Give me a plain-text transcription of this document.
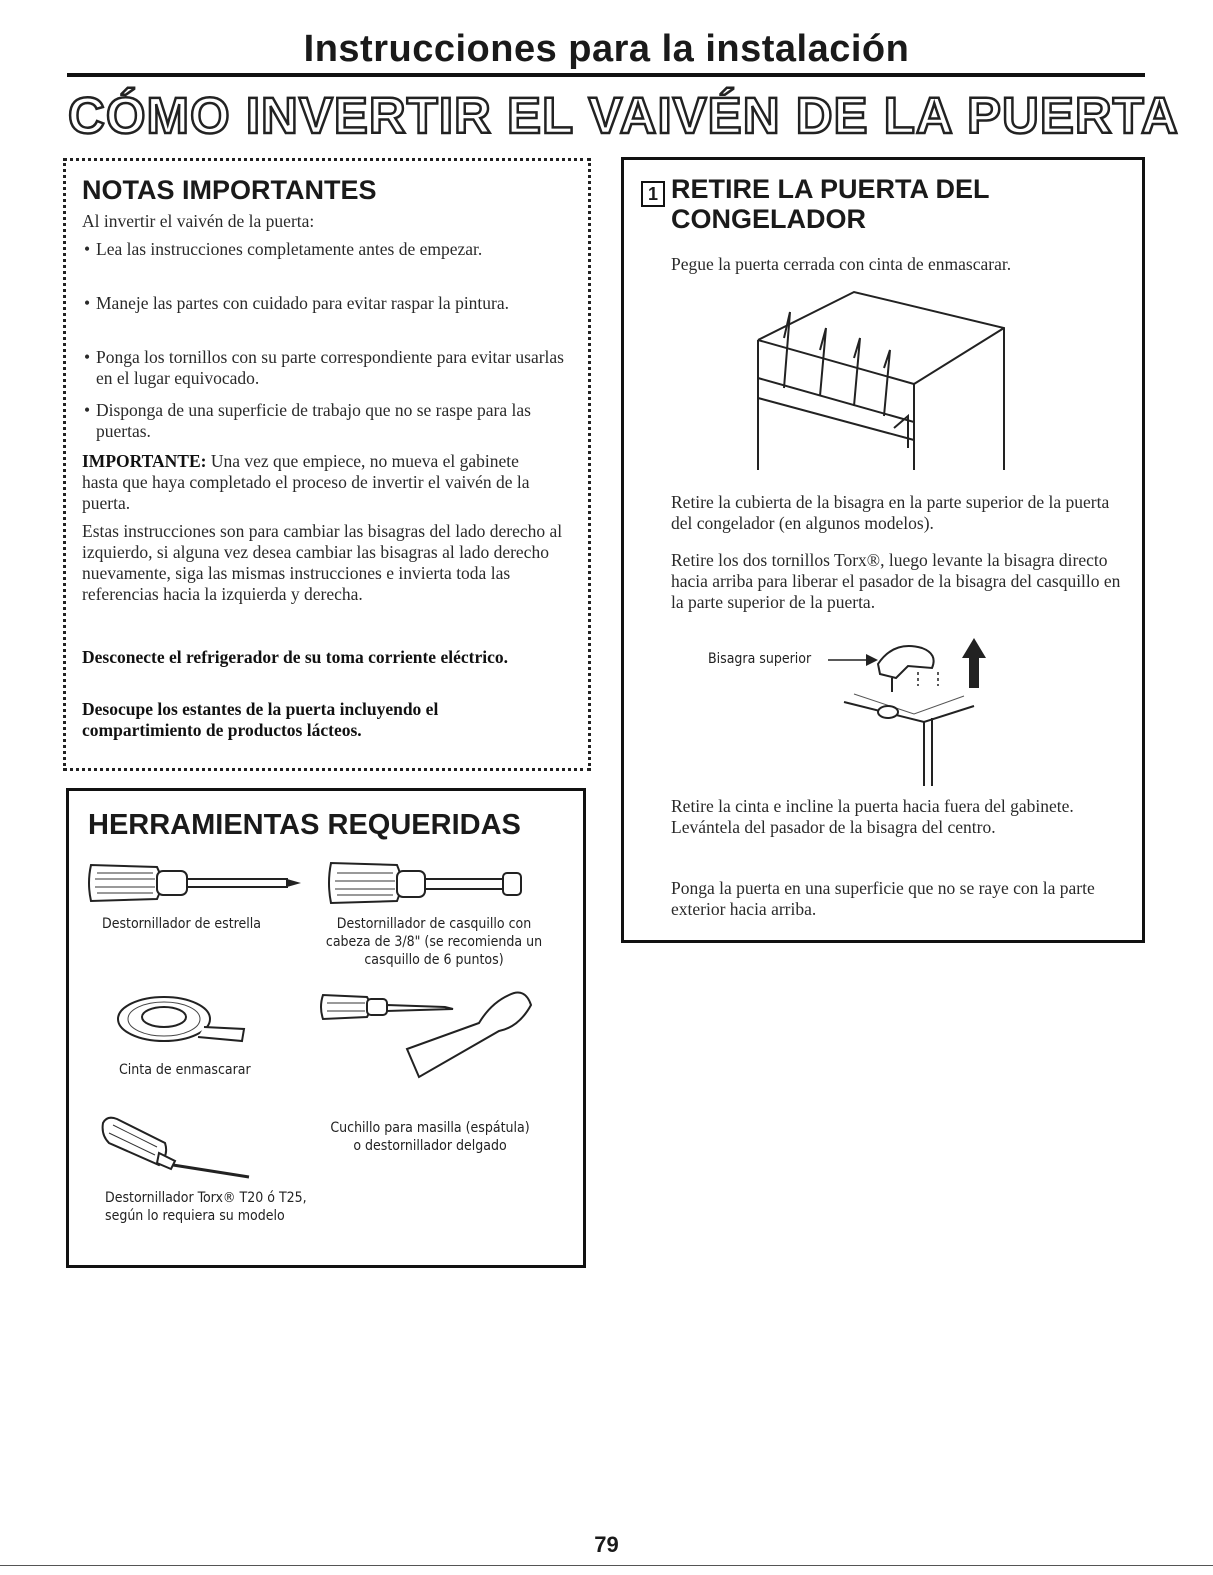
Instrucciones para la instalación
CÓMO INVERTIR EL VAIVÉN DE LA PUERTA
NOTAS IMPORTANTES
Al invertir el vaivén de la puerta:
• Lea las instrucciones completamente antes de empezar.
• Maneje las partes con cuidado para evitar raspar la pintura.
• Ponga los tornillos con su parte correspondiente para evitar usarlas en el lugar equivocado.
• Disponga de una superficie de trabajo que no se raspe para las puertas.
IMPORTANTE: Una vez que empiece, no mueva el gabinete hasta que haya completado el proceso de invertir el vaivén de la puerta.
Estas instrucciones son para cambiar las bisagras del lado derecho al izquierdo, si alguna vez desea cambiar las bisagras al lado derecho nuevamente, siga las mismas instrucciones e invierta toda las referencias hacia la izquierda y derecha.
Desconecte el refrigerador de su toma corriente eléctrico.
Desocupe los estantes de la puerta incluyendo el compartimiento de productos lácteos.
HERRAMIENTAS REQUERIDAS
Destornillador de estrella	Destornillador de casquillo con cabeza de 3/8" (se recomienda un casquillo de 6 puntos)
Cinta de enmascarar
Cuchillo para masilla (espátula) o destornillador delgado
Destornillador Torx® T20 ó T25, según lo requiera su modelo
1 RETIRE LA PUERTA DEL CONGELADOR
Pegue la puerta cerrada con cinta de enmascarar.
Retire la cubierta de la bisagra en la parte superior de la puerta del congelador (en algunos modelos).
Retire los dos tornillos Torx®, luego levante la bisagra directo hacia arriba para liberar el pasador de la bisagra del casquillo en la parte superior de la puerta.
Bisagra superior
Retire la cinta e incline la puerta hacia fuera del gabinete. Levántela del pasador de la bisagra del centro.
Ponga la puerta en una superficie que no se raye con la parte exterior hacia arriba.
79
